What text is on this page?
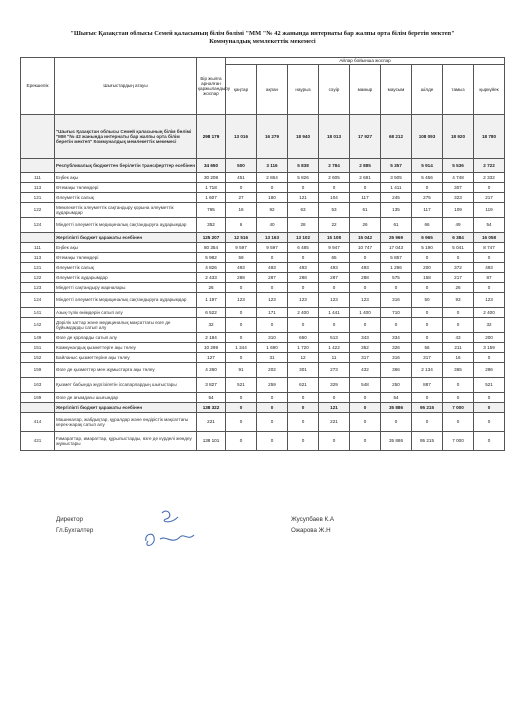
"Шығыс Қазақстан облысы Семей қаласының білім бөлімі "ММ "№ 42 жанында интернаты бар жалпы орта білім беретін мектеп"
Коммуналдық мемлекеттік мекемесі
Ерекшелік	Шығыстардың атауы	Бір жылға арналған қаржыландыру жоспар	Айлар бойынша жоспар								
			қаңтар	ақпан	наурыз	сәуір	мамыр	маусым	шілде	тамыз	қыркүйек
	"Шығыс Қазақстан облысы Семей қаласының білім бөлімі "ММ "№ 42 жанында интернаты бар жалпы орта білім беретін мектеп" Коммуналдық мемлекеттік мекемесі	298 179	13 016	16 279	18 940	18 013	17 927	68 212	108 093	18 920	18 780
	Республикалық бюджеттен берілетін трансферттер есебінен	34 650	500	3 116	5 838	2 784	2 885	5 357	5 914	5 536	2 722
111	Еңбек ақы	30 208	451	2 864	5 826	2 605	2 681	3 505	5 456	4 748	2 332
113	Өтемақы төлемдері	1 718	0	0	0	0	0	1 411	0	307	0
121	Әлеуметтік салық	1 607	27	180	121	104	117	245	275	323	217
122	Мемлекеттік әлеуметтік сақтандыру қорына әлеуметтік аударымдар	765	16	92	63	53	61	135	117	109	119
124	Міндетті әлеуметтік медициналық сақтандыруға аударымдар	352	6	40	28	22	26	61	66	49	54
	Жергілікті бюджет қаражаты есебінен	125 207	12 516	13 163	13 102	15 108	15 042	26 969	6 965	6 384	16 058
111	Еңбек ақы	80 354	9 597	9 597	6 485	9 947	10 747	17 043	5 190	5 041	8 747
113	Өтемақы төлемдері	5 982	59	0	0	65	0	5 857	0	0	0
121	Әлеуметтік салық	4 826	493	493	493	493	493	1 296	200	372	493
122	Әлеуметтік аударымдар	2 433	288	287	288	287	288	575	158	217	87
123	Міндетті сақтандыру жарналары	26	0	0	0	0	0	0	0	26	0
124	Міндетті әлеуметтік медициналық сақтандыруға аударымдар	1 197	123	123	123	123	123	316	50	93	123
141	Азық-түлік өнімдерін сатып алу	6 522	0	171	2 400	1 441	1 400	710	0	0	2 400
142	Дәрілік заттар және медициналық мақсаттағы өзге де бұйымдарды сатып алу	32	0	0	0	0	0	0	0	0	32
149	Өзге де қорларды сатып алу	2 184	0	310	650	513	343	334	0	43	200
151	Коммуналдық қызметтерге ақы төлеу	10 299	1 344	1 690	1 720	1 422	352	326	56	211	3 159
152	Байланыс қызметтеріне ақы төлеу	127	0	31	12	11	317	316	317	16	0
159	Өзге де қызметтер мен жұмыстарға ақы төлеу	4 260	91	202	301	273	432	366	2 134	365	296
163	Қызмет бабында жүргізілетін іссапарлардың шығыстары	3 827	521	259	621	329	548	250	887	0	521
169	Өзге де ағымдағы шығындар	54	0	0	0	0	0	54	0	0	0
	Жергілікті бюджет қаражаты есебінен	138 322	0	0	0	121	0	35 886	95 215	7 000	0
414	Машиналар, жабдықтар, құралдар және өндірістік мақсаттағы керек-жарақ сатып алу	221	0	0	0	221	0	0	0	0	0
421	Ғимараттар, имараттар, құрылыстарды, өзге де күрделі жөндеу жұмыстары	138 101	0	0	0	0	0	35 886	95 215	7 000	0
Директор	Жусупбаев К.А
Гл.Бухгалтер	Ожарова Ж.Н
